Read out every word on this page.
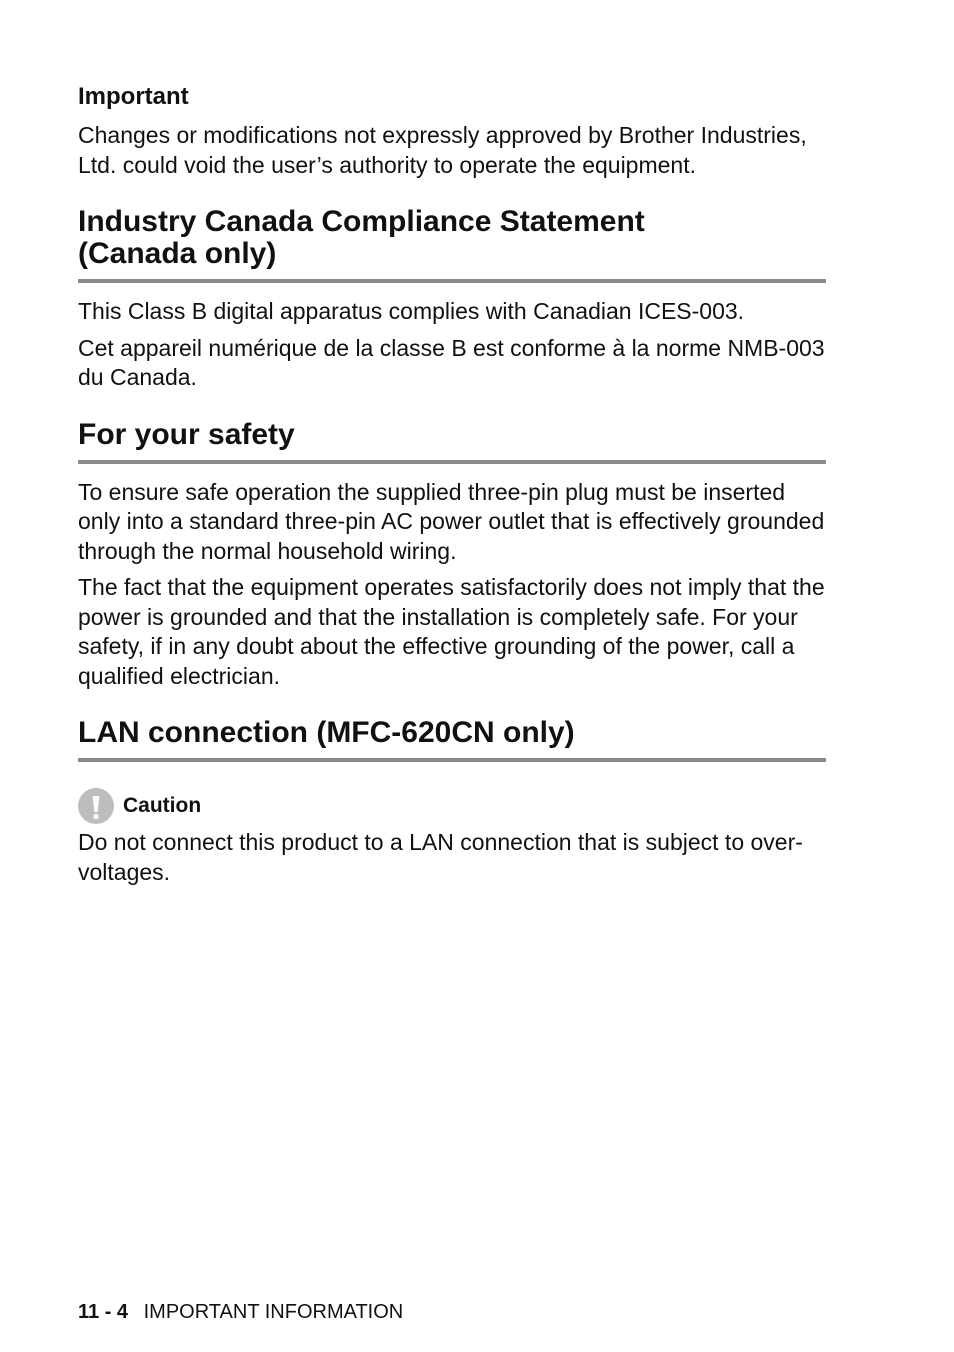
Important

Changes or modifications not expressly approved by Brother Industries, Ltd. could void the user’s authority to operate the equipment.

Industry Canada Compliance Statement
(Canada only)

This Class B digital apparatus complies with Canadian ICES-003.

Cet appareil numérique de la classe B est conforme à la norme NMB-003 du Canada.

For your safety

To ensure safe operation the supplied three-pin plug must be inserted only into a standard three-pin AC power outlet that is effectively grounded through the normal household wiring.

The fact that the equipment operates satisfactorily does not imply that the power is grounded and that the installation is completely safe. For your safety, if in any doubt about the effective grounding of the power, call a qualified electrician.

LAN connection (MFC-620CN only)
Caution

Do not connect this product to a LAN connection that is subject to over-voltages.

11 - 4 IMPORTANT INFORMATION
